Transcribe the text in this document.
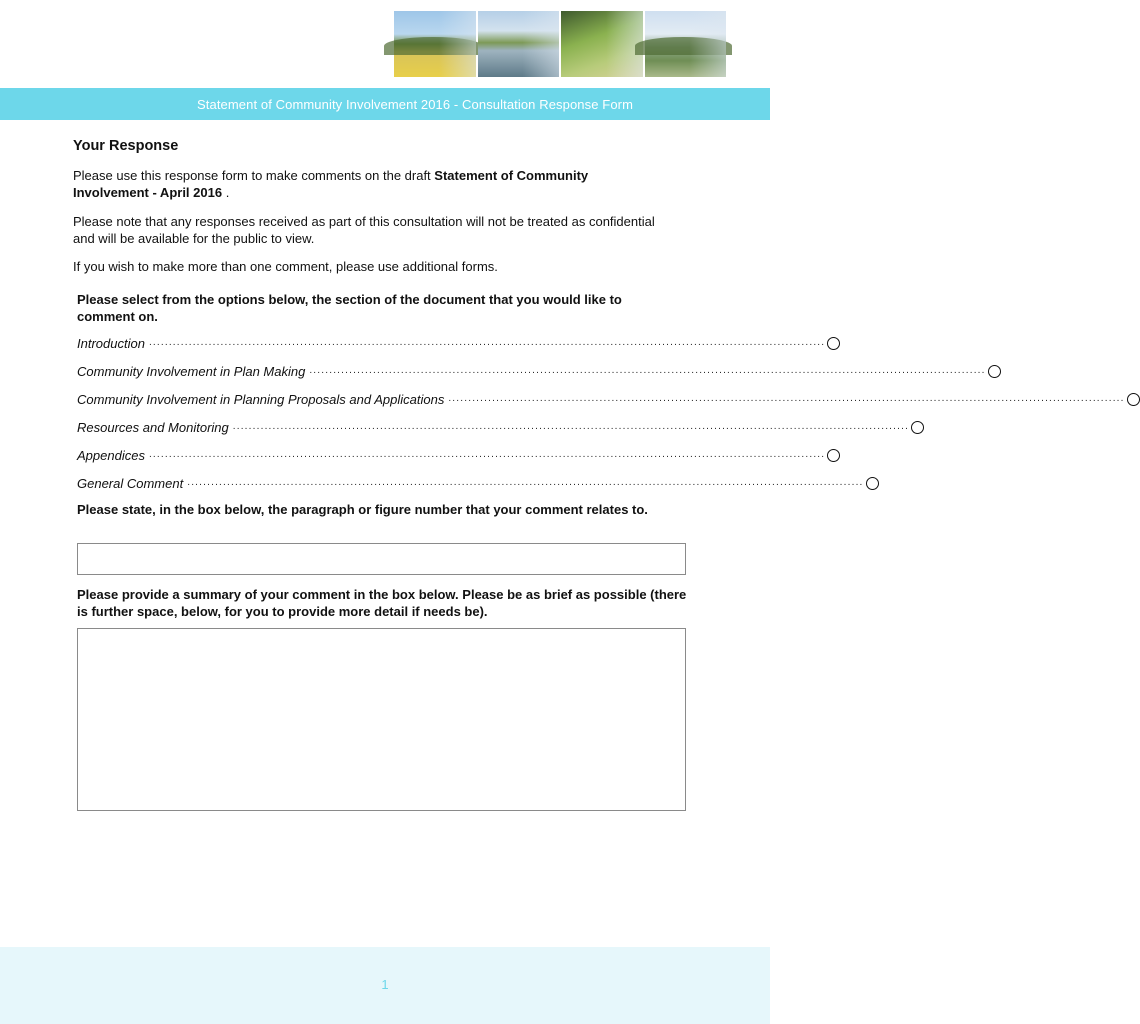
Statement of Community Involvement 2016 - Consultation Response Form
Your Response
Please use this response form to make comments on the draft Statement of Community Involvement - April 2016 .
Please note that any responses received as part of this consultation will not be treated as confidential and will be available for the public to view.
If you wish to make more than one comment, please use additional forms.
Please select from the options below, the section of the document that you would like to comment on.
Introduction ..........................................................................................................................................................................
Community Involvement in Plan Making ..........................................................................................................................................................................
Community Involvement in Planning Proposals and Applications ..........................................................................................................................................................................
Resources and Monitoring ..........................................................................................................................................................................
Appendices ..........................................................................................................................................................................
General Comment ..........................................................................................................................................................................
Please state, in the box below, the paragraph or figure number that your comment relates to.
Please provide a summary of your comment in the box below. Please be as brief as possible (there is further space, below, for you to provide more detail if needs be).
1
